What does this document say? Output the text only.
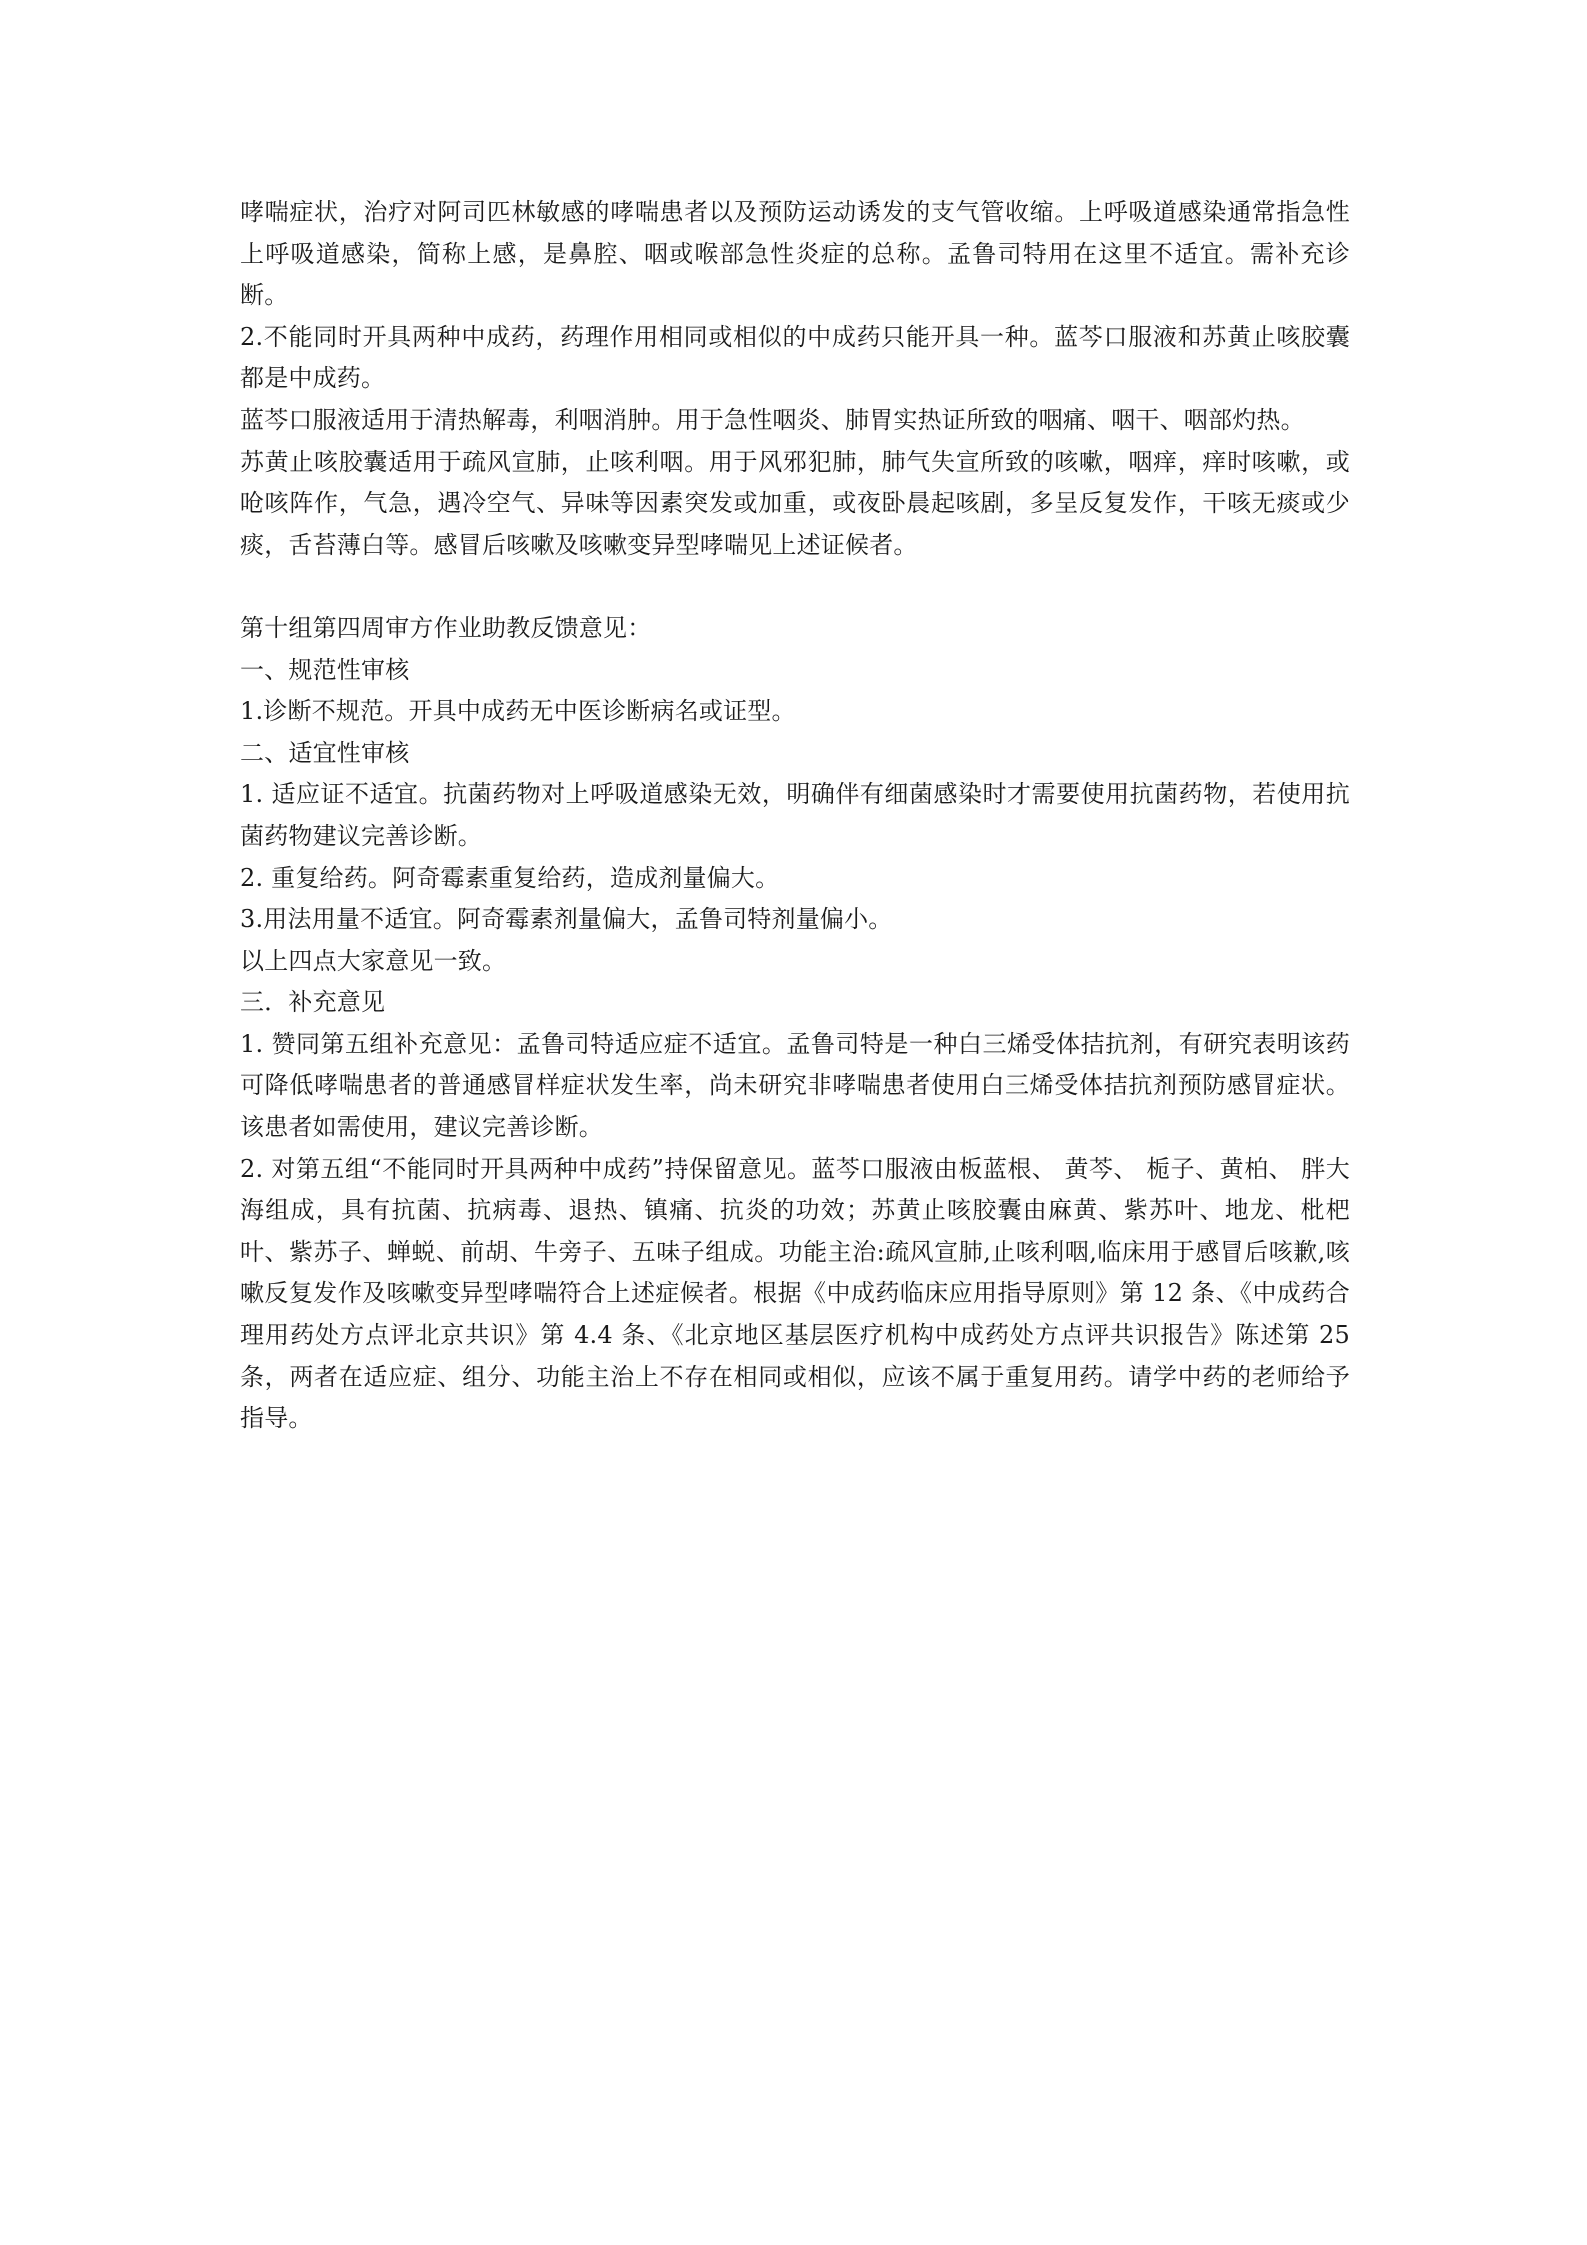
哮喘症状，治疗对阿司匹林敏感的哮喘患者以及预防运动诱发的支气管收缩。上呼吸道感染通常指急性上呼吸道感染，简称上感，是鼻腔、咽或喉部急性炎症的总称。孟鲁司特用在这里不适宜。需补充诊断。

2.不能同时开具两种中成药，药理作用相同或相似的中成药只能开具一种。蓝芩口服液和苏黄止咳胶囊都是中成药。

蓝芩口服液适用于清热解毒，利咽消肿。用于急性咽炎、肺胃实热证所致的咽痛、咽干、咽部灼热。

苏黄止咳胶囊适用于疏风宣肺，止咳利咽。用于风邪犯肺，肺气失宣所致的咳嗽，咽痒，痒时咳嗽，或呛咳阵作，气急，遇冷空气、异味等因素突发或加重，或夜卧晨起咳剧，多呈反复发作，干咳无痰或少痰，舌苔薄白等。感冒后咳嗽及咳嗽变异型哮喘见上述证候者。

第十组第四周审方作业助教反馈意见：

一、规范性审核

1.诊断不规范。开具中成药无中医诊断病名或证型。

二、适宜性审核

1. 适应证不适宜。抗菌药物对上呼吸道感染无效，明确伴有细菌感染时才需要使用抗菌药物，若使用抗菌药物建议完善诊断。

2. 重复给药。阿奇霉素重复给药，造成剂量偏大。

3.用法用量不适宜。阿奇霉素剂量偏大，孟鲁司特剂量偏小。

以上四点大家意见一致。

三．补充意见

1. 赞同第五组补充意见：孟鲁司特适应症不适宜。孟鲁司特是一种白三烯受体拮抗剂，有研究表明该药可降低哮喘患者的普通感冒样症状发生率，尚未研究非哮喘患者使用白三烯受体拮抗剂预防感冒症状。该患者如需使用，建议完善诊断。

2. 对第五组“不能同时开具两种中成药”持保留意见。蓝芩口服液由板蓝根、 黄芩、 栀子、黄柏、 胖大海组成，具有抗菌、抗病毒、退热、镇痛、抗炎的功效；苏黄止咳胶囊由麻黄、紫苏叶、地龙、枇杷叶、紫苏子、蝉蜕、前胡、牛旁子、五味子组成。功能主治:疏风宣肺,止咳利咽,临床用于感冒后咳歉,咳嗽反复发作及咳嗽变异型哮喘符合上述症候者。根据《中成药临床应用指导原则》第 12 条、《中成药合理用药处方点评北京共识》第 4.4 条、《北京地区基层医疗机构中成药处方点评共识报告》陈述第 25 条，两者在适应症、组分、功能主治上不存在相同或相似，应该不属于重复用药。请学中药的老师给予指导。
